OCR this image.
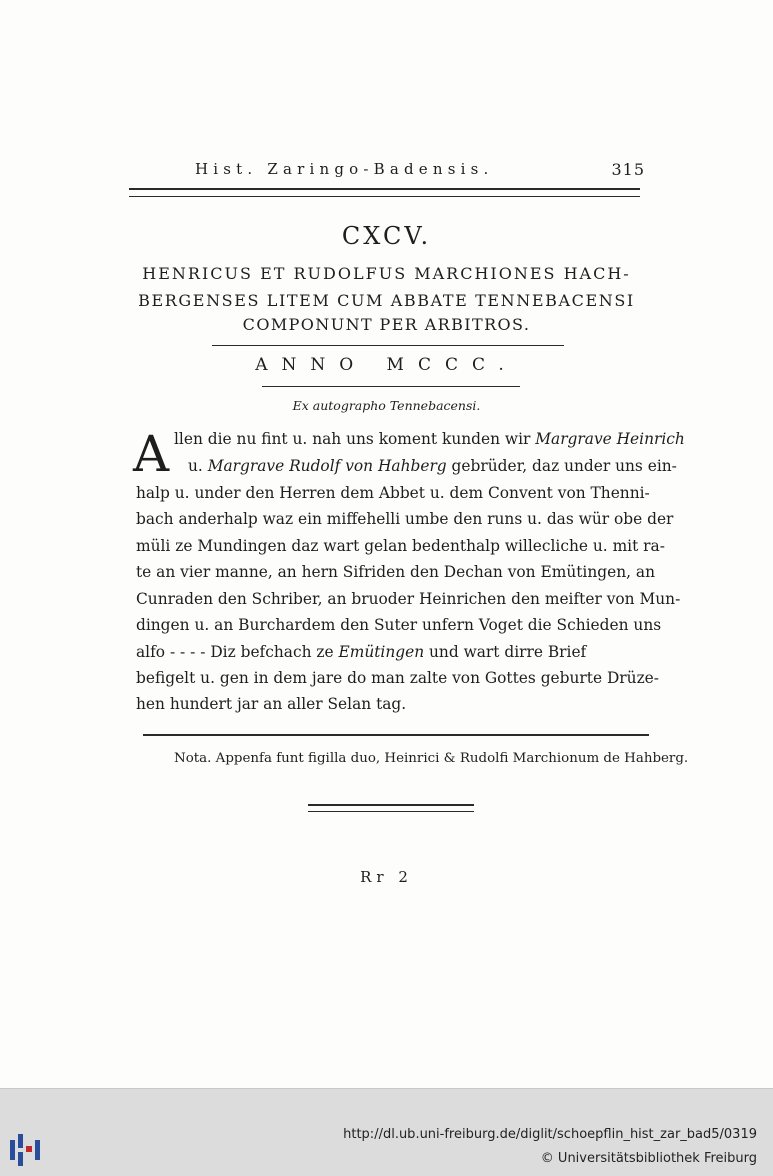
Hist. Zaringo-Badensis.	315
CXCV.
HENRICUS ET RUDOLFUS MARCHIONES HACH-
BERGENSES LITEM CUM ABBATE TENNEBACENSI
COMPONUNT PER ARBITROS.
ANNO MCCC.
Ex autographo Tennebacensi.
A llen die nu fint u. nah uns koment kunden wir Margrave Heinrich
u. Margrave Rudolf von Hahberg gebrüder, daz under uns ein-
halp u. under den Herren dem Abbet u. dem Convent von Thenni-
bach anderhalp waz ein miffehelli umbe den runs u. das wür obe der
müli ze Mundingen daz wart gelan bedenthalp willecliche u. mit ra-
te an vier manne, an hern Sifriden den Dechan von Emütingen, an
Cunraden den Schriber, an bruoder Heinrichen den meifter von Mun-
dingen u. an Burchardem den Suter unfern Voget die Schieden uns
alfo - - - - Diz befchach ze Emütingen und wart dirre Brief
befigelt u. gen in dem jare do man zalte von Gottes geburte Drüze-
hen hundert jar an aller Selan tag.
Nota. Appenfa funt figilla duo, Heinrici & Rudolfi Marchionum de Hahberg.
Rr 2
http://dl.ub.uni-freiburg.de/diglit/schoepflin_hist_zar_bad5/0319
© Universitätsbibliothek Freiburg
